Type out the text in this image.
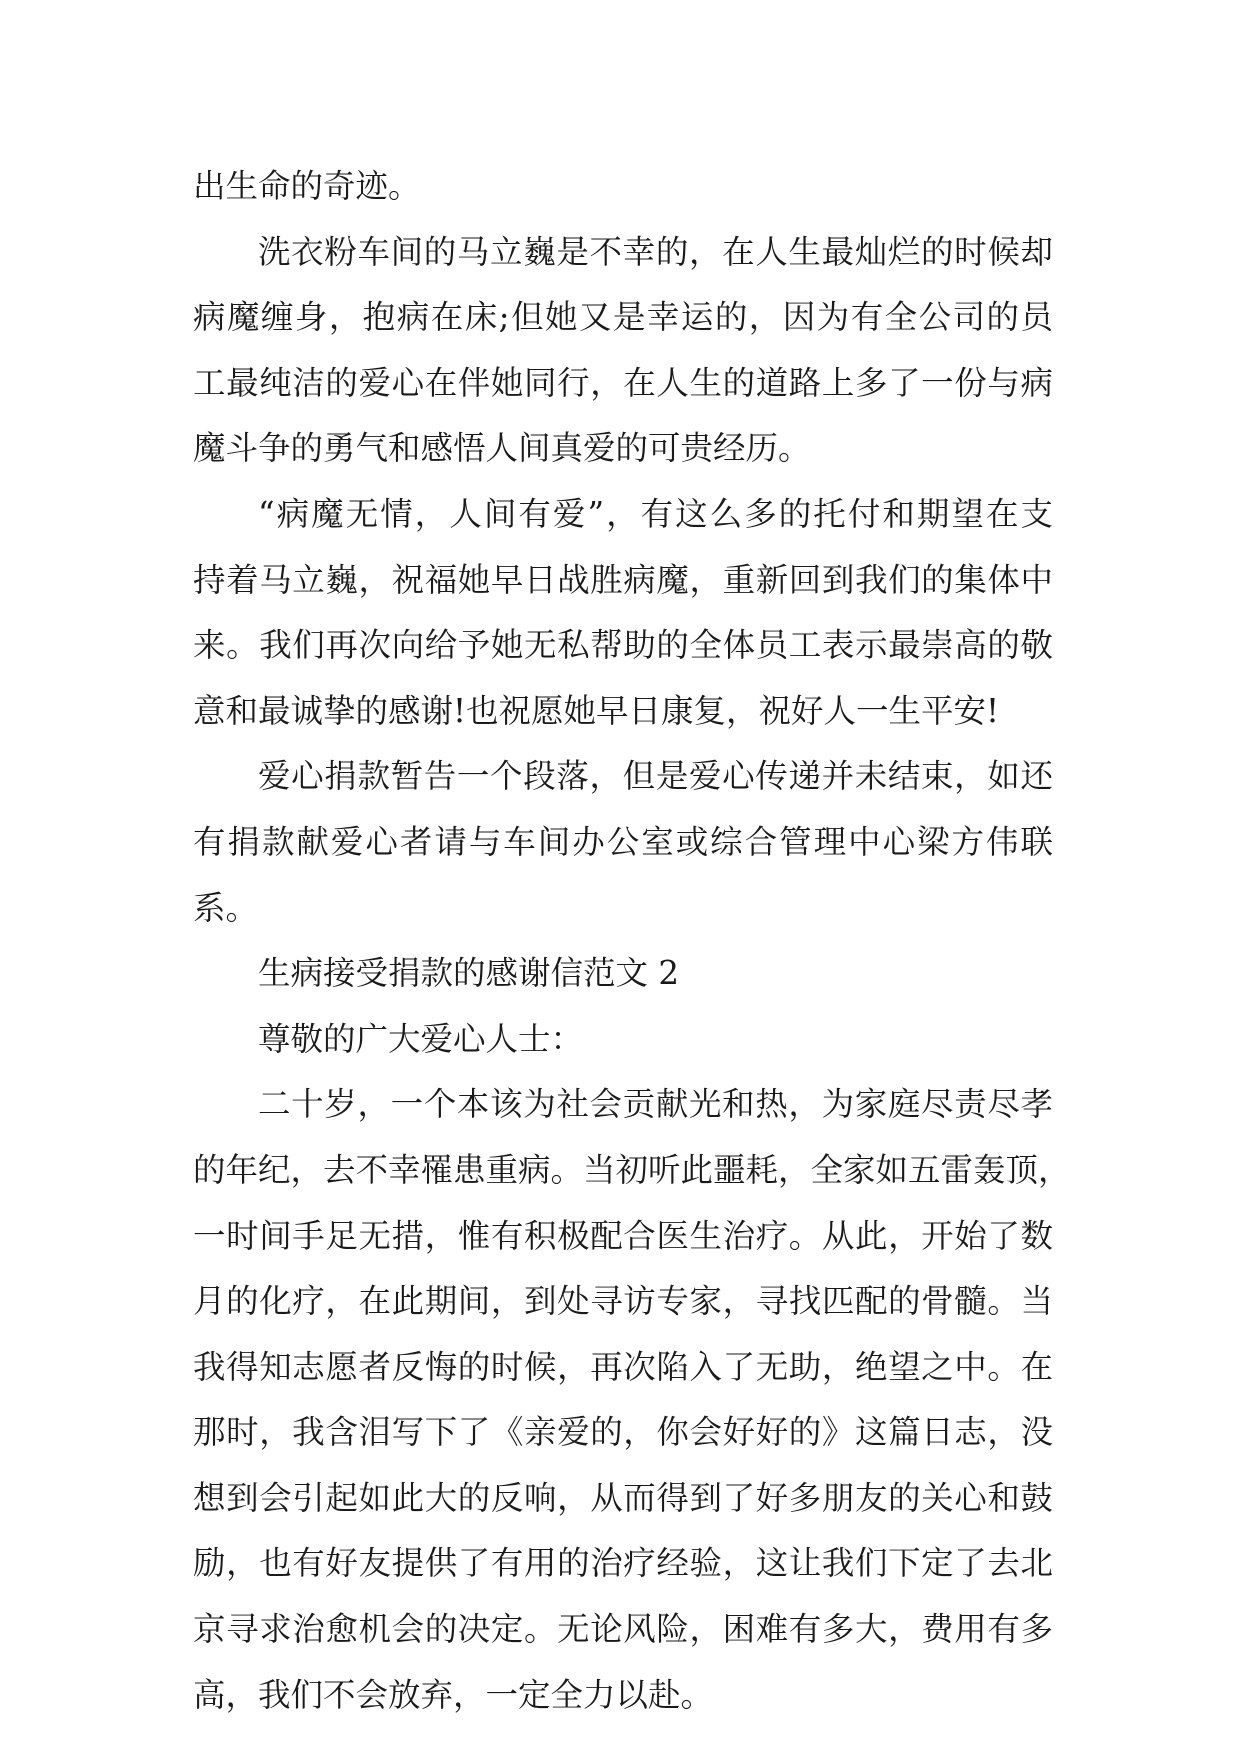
出生命的奇迹。
洗衣粉车间的马立巍是不幸的，在人生最灿烂的时候却
病魔缠身，抱病在床;但她又是幸运的，因为有全公司的员
工最纯洁的爱心在伴她同行，在人生的道路上多了一份与病
魔斗争的勇气和感悟人间真爱的可贵经历。
“病魔无情，人间有爱”，有这么多的托付和期望在支
持着马立巍，祝福她早日战胜病魔，重新回到我们的集体中
来。我们再次向给予她无私帮助的全体员工表示最崇高的敬
意和最诚挚的感谢!也祝愿她早日康复，祝好人一生平安!
爱心捐款暂告一个段落，但是爱心传递并未结束，如还
有捐款献爱心者请与车间办公室或综合管理中心梁方伟联
系。
生病接受捐款的感谢信范文 2
尊敬的广大爱心人士：
二十岁，一个本该为社会贡献光和热，为家庭尽责尽孝
的年纪，去不幸罹患重病。当初听此噩耗，全家如五雷轰顶，
一时间手足无措，惟有积极配合医生治疗。从此，开始了数
月的化疗，在此期间，到处寻访专家，寻找匹配的骨髓。当
我得知志愿者反悔的时候，再次陷入了无助，绝望之中。在
那时，我含泪写下了《亲爱的，你会好好的》这篇日志，没
想到会引起如此大的反响，从而得到了好多朋友的关心和鼓
励，也有好友提供了有用的治疗经验，这让我们下定了去北
京寻求治愈机会的决定。无论风险，困难有多大，费用有多
高，我们不会放弃，一定全力以赴。
